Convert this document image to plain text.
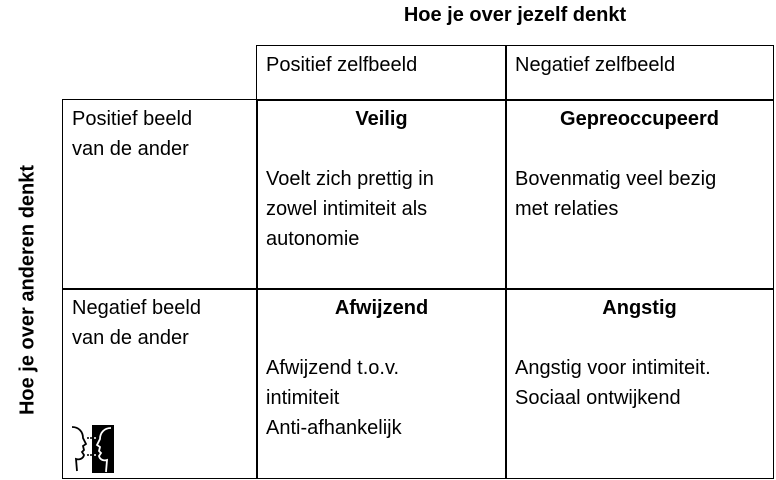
Hoe je over jezelf denkt
Hoe je over anderen denkt
Positief zelfbeeld	Negatief zelfbeeld
Positief beeld
van de ander
Negatief beeld
van de ander
Veilig
Voelt zich prettig in
zowel intimiteit als
autonomie
Gepreoccupeerd
Bovenmatig veel bezig
met relaties
Afwijzend
Afwijzend t.o.v.
intimiteit
Anti-afhankelijk
Angstig
Angstig voor intimiteit.
Sociaal ontwijkend
